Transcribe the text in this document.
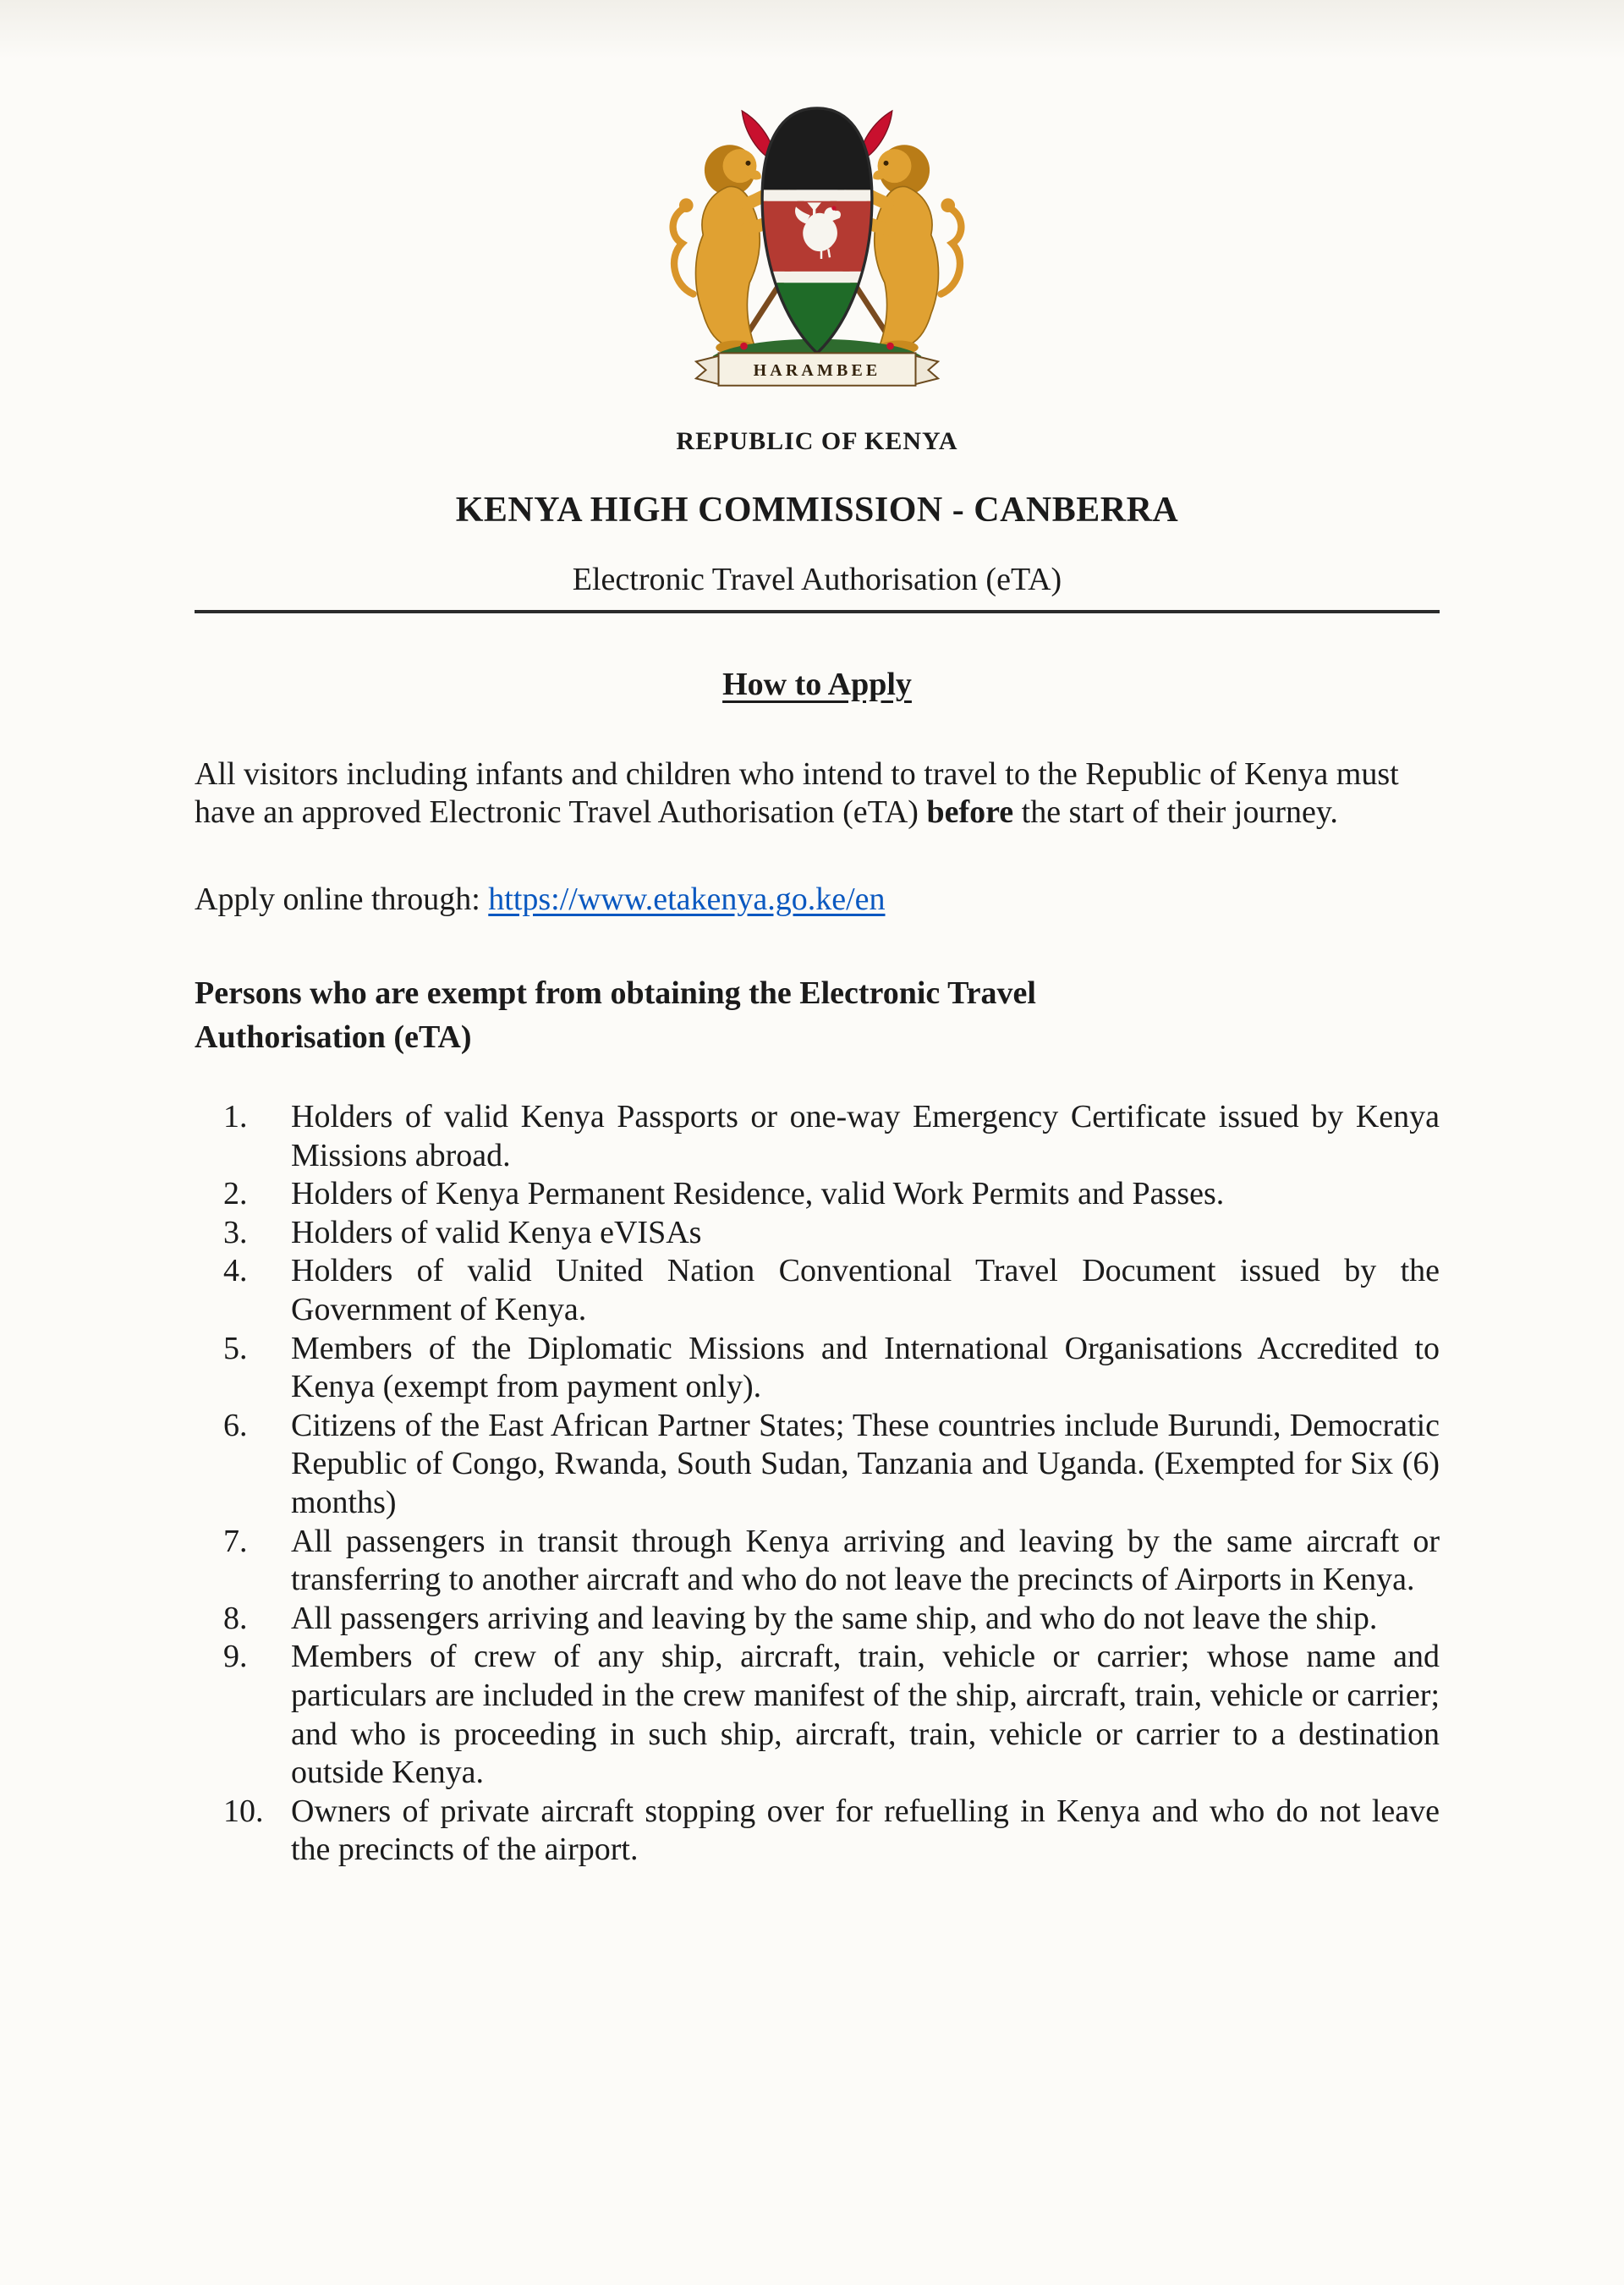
HARAMBEE
REPUBLIC OF KENYA
KENYA HIGH COMMISSION - CANBERRA
Electronic Travel Authorisation (eTA)
How to Apply

All visitors including infants and children who intend to travel to the Republic of Kenya must have an approved Electronic Travel Authorisation (eTA) before the start of their journey.

Apply online through: https://www.etakenya.go.ke/en

Persons who are exempt from obtaining the Electronic Travel
Authorisation (eTA)
1.	Holders of valid Kenya Passports or one-way Emergency Certificate issued by Kenya Missions abroad.
2.	Holders of Kenya Permanent Residence, valid Work Permits and Passes.
3.	Holders of valid Kenya eVISAs
4.	Holders of valid United Nation Conventional Travel Document issued by the Government of Kenya.
5.	Members of the Diplomatic Missions and International Organisations Accredited to Kenya (exempt from payment only).
6.	Citizens of the East African Partner States; These countries include Burundi, Democratic Republic of Congo, Rwanda, South Sudan, Tanzania and Uganda. (Exempted for Six (6) months)
7.	All passengers in transit through Kenya arriving and leaving by the same aircraft or transferring to another aircraft and who do not leave the precincts of Airports in Kenya.
8.	All passengers arriving and leaving by the same ship, and who do not leave the ship.
9.	Members of crew of any ship, aircraft, train, vehicle or carrier; whose name and particulars are included in the crew manifest of the ship, aircraft, train, vehicle or carrier; and who is proceeding in such ship, aircraft, train, vehicle or carrier to a destination outside Kenya.
10. Owners of private aircraft stopping over for refuelling in Kenya and who do not leave the precincts of the airport.
